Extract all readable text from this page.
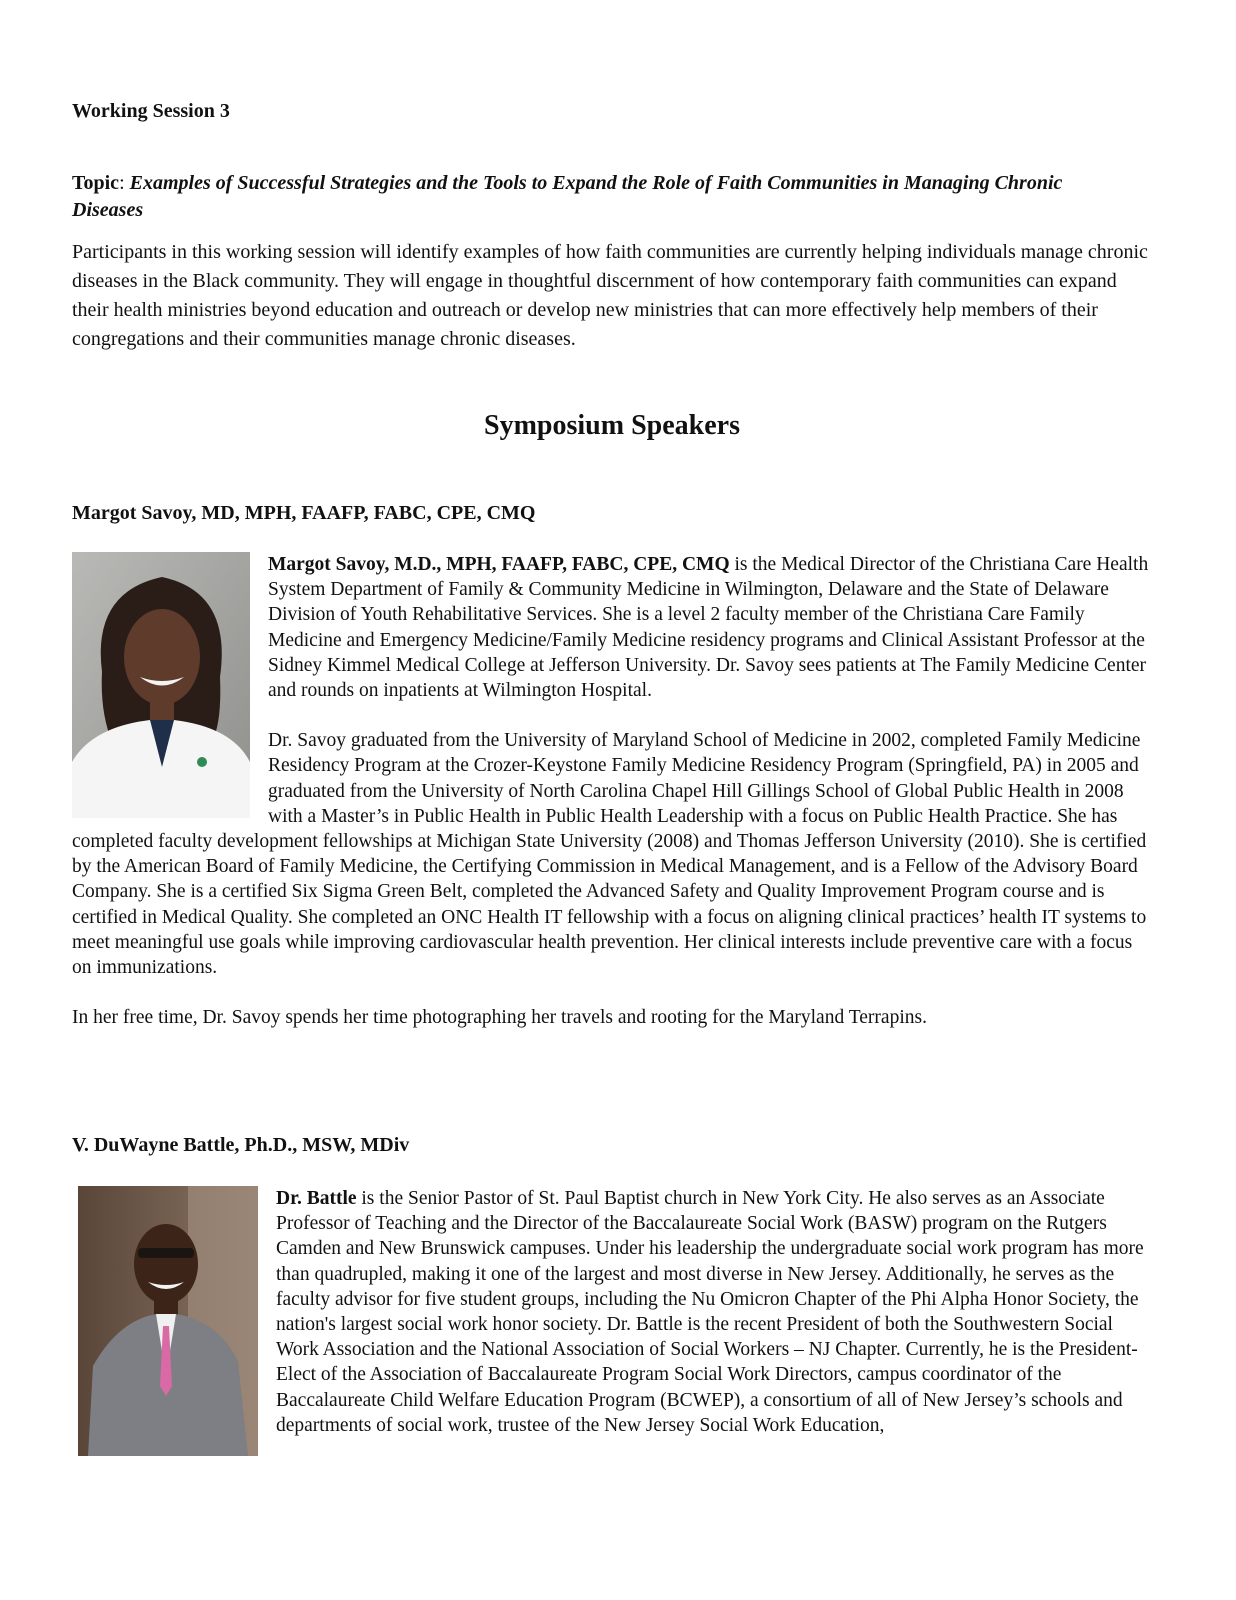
Working Session 3

Topic: Examples of Successful Strategies and the Tools to Expand the Role of Faith Communities in Managing Chronic Diseases

Participants in this working session will identify examples of how faith communities are currently helping individuals manage chronic diseases in the Black community. They will engage in thoughtful discernment of how contemporary faith communities can expand their health ministries beyond education and outreach or develop new ministries that can more effectively help members of their congregations and their communities manage chronic diseases.

Symposium Speakers
Margot Savoy, MD, MPH, FAAFP, FABC, CPE, CMQ

Margot Savoy, M.D., MPH, FAAFP, FABC, CPE, CMQ is the Medical Director of the Christiana Care Health System Department of Family & Community Medicine in Wilmington, Delaware and the State of Delaware Division of Youth Rehabilitative Services. She is a level 2 faculty member of the Christiana Care Family Medicine and Emergency Medicine/Family Medicine residency programs and Clinical Assistant Professor at the Sidney Kimmel Medical College at Jefferson University. Dr. Savoy sees patients at The Family Medicine Center and rounds on inpatients at Wilmington Hospital.

Dr. Savoy graduated from the University of Maryland School of Medicine in 2002, completed Family Medicine Residency Program at the Crozer-Keystone Family Medicine Residency Program (Springfield, PA) in 2005 and graduated from the University of North Carolina Chapel Hill Gillings School of Global Public Health in 2008 with a Master’s in Public Health in Public Health Leadership with a focus on Public Health Practice. She has completed faculty development fellowships at Michigan State University (2008) and Thomas Jefferson University (2010). She is certified by the American Board of Family Medicine, the Certifying Commission in Medical Management, and is a Fellow of the Advisory Board Company. She is a certified Six Sigma Green Belt, completed the Advanced Safety and Quality Improvement Program course and is certified in Medical Quality. She completed an ONC Health IT fellowship with a focus on aligning clinical practices’ health IT systems to meet meaningful use goals while improving cardiovascular health prevention. Her clinical interests include preventive care with a focus on immunizations.

In her free time, Dr. Savoy spends her time photographing her travels and rooting for the Maryland Terrapins.

V. DuWayne Battle, Ph.D., MSW, MDiv

Dr. Battle is the Senior Pastor of St. Paul Baptist church in New York City. He also serves as an Associate Professor of Teaching and the Director of the Baccalaureate Social Work (BASW) program on the Rutgers Camden and New Brunswick campuses. Under his leadership the undergraduate social work program has more than quadrupled, making it one of the largest and most diverse in New Jersey. Additionally, he serves as the faculty advisor for five student groups, including the Nu Omicron Chapter of the Phi Alpha Honor Society, the nation's largest social work honor society. Dr. Battle is the recent President of both the Southwestern Social Work Association and the National Association of Social Workers – NJ Chapter. Currently, he is the President-Elect of the Association of Baccalaureate Program Social Work Directors, campus coordinator of the Baccalaureate Child Welfare Education Program (BCWEP), a consortium of all of New Jersey’s schools and departments of social work, trustee of the New Jersey Social Work Education,
